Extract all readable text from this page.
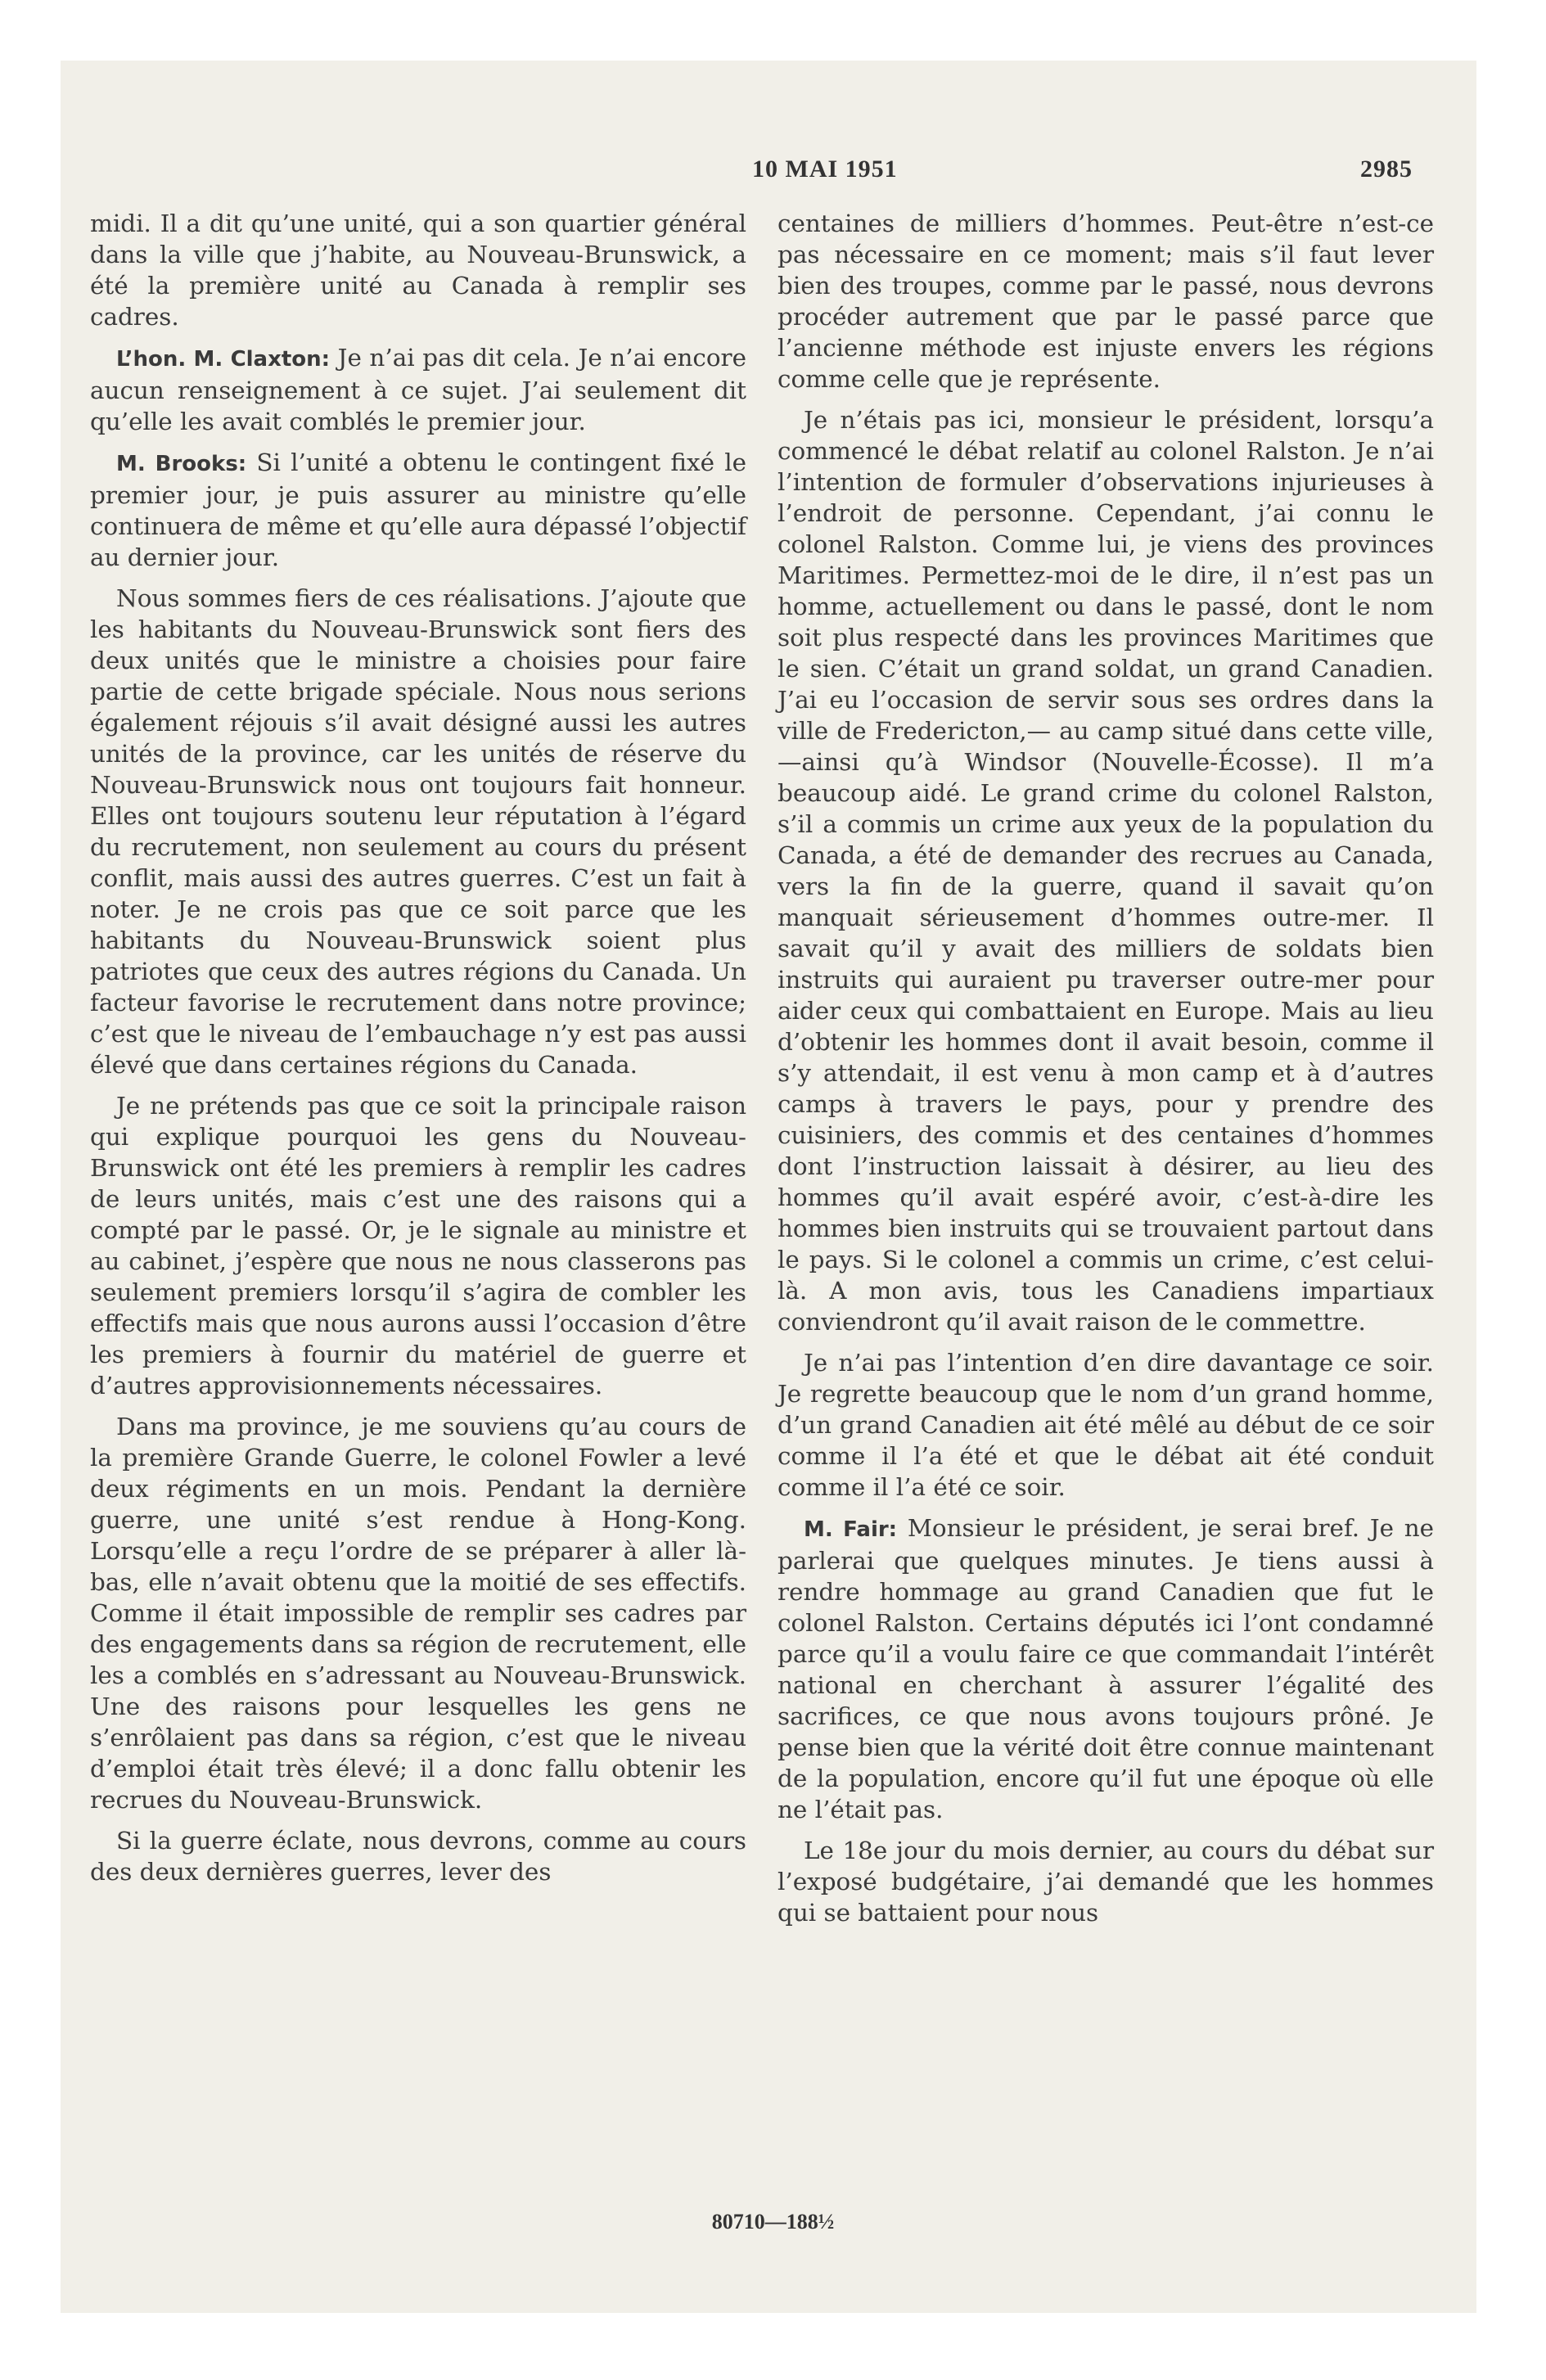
10 MAI 1951	2985

midi. Il a dit qu’une unité, qui a son quartier général dans la ville que j’habite, au Nouveau-Brunswick, a été la première unité au Canada à remplir ses cadres.

L’hon. M. Claxton: Je n’ai pas dit cela. Je n’ai encore aucun renseignement à ce sujet. J’ai seulement dit qu’elle les avait comblés le premier jour.

M. Brooks: Si l’unité a obtenu le contingent fixé le premier jour, je puis assurer au ministre qu’elle continuera de même et qu’elle aura dépassé l’objectif au dernier jour.

Nous sommes fiers de ces réalisations. J’ajoute que les habitants du Nouveau-Brunswick sont fiers des deux unités que le ministre a choisies pour faire partie de cette brigade spéciale. Nous nous serions également réjouis s’il avait désigné aussi les autres unités de la province, car les unités de réserve du Nouveau-Brunswick nous ont toujours fait honneur. Elles ont toujours soutenu leur réputation à l’égard du recrutement, non seulement au cours du présent conflit, mais aussi des autres guerres. C’est un fait à noter. Je ne crois pas que ce soit parce que les habitants du Nouveau-Brunswick soient plus patriotes que ceux des autres régions du Canada. Un facteur favorise le recrutement dans notre province; c’est que le niveau de l’embauchage n’y est pas aussi élevé que dans certaines régions du Canada.

Je ne prétends pas que ce soit la principale raison qui explique pourquoi les gens du Nouveau-Brunswick ont été les premiers à remplir les cadres de leurs unités, mais c’est une des raisons qui a compté par le passé. Or, je le signale au ministre et au cabinet, j’espère que nous ne nous classerons pas seulement premiers lorsqu’il s’agira de combler les effectifs mais que nous aurons aussi l’occasion d’être les premiers à fournir du matériel de guerre et d’autres approvisionnements nécessaires.

Dans ma province, je me souviens qu’au cours de la première Grande Guerre, le colonel Fowler a levé deux régiments en un mois. Pendant la dernière guerre, une unité s’est rendue à Hong-Kong. Lorsqu’elle a reçu l’ordre de se préparer à aller là-bas, elle n’avait obtenu que la moitié de ses effectifs. Comme il était impossible de remplir ses cadres par des engagements dans sa région de recrutement, elle les a comblés en s’adressant au Nouveau-Brunswick. Une des raisons pour lesquelles les gens ne s’enrôlaient pas dans sa région, c’est que le niveau d’emploi était très élevé; il a donc fallu obtenir les recrues du Nouveau-Brunswick.

Si la guerre éclate, nous devrons, comme au cours des deux dernières guerres, lever des

centaines de milliers d’hommes. Peut-être n’est-ce pas nécessaire en ce moment; mais s’il faut lever bien des troupes, comme par le passé, nous devrons procéder autrement que par le passé parce que l’ancienne méthode est injuste envers les régions comme celle que je représente.

Je n’étais pas ici, monsieur le président, lorsqu’a commencé le débat relatif au colonel Ralston. Je n’ai l’intention de formuler d’observations injurieuses à l’endroit de personne. Cependant, j’ai connu le colonel Ralston. Comme lui, je viens des provinces Maritimes. Permettez-moi de le dire, il n’est pas un homme, actuellement ou dans le passé, dont le nom soit plus respecté dans les provinces Maritimes que le sien. C’était un grand soldat, un grand Canadien. J’ai eu l’occasion de servir sous ses ordres dans la ville de Fredericton,— au camp situé dans cette ville,—ainsi qu’à Windsor (Nouvelle-Écosse). Il m’a beaucoup aidé. Le grand crime du colonel Ralston, s’il a commis un crime aux yeux de la population du Canada, a été de demander des recrues au Canada, vers la fin de la guerre, quand il savait qu’on manquait sérieusement d’hommes outre-mer. Il savait qu’il y avait des milliers de soldats bien instruits qui auraient pu traverser outre-mer pour aider ceux qui combattaient en Europe. Mais au lieu d’obtenir les hommes dont il avait besoin, comme il s’y attendait, il est venu à mon camp et à d’autres camps à travers le pays, pour y prendre des cuisiniers, des commis et des centaines d’hommes dont l’instruction laissait à désirer, au lieu des hommes qu’il avait espéré avoir, c’est-à-dire les hommes bien instruits qui se trouvaient partout dans le pays. Si le colonel a commis un crime, c’est celui-là. A mon avis, tous les Canadiens impartiaux conviendront qu’il avait raison de le commettre.

Je n’ai pas l’intention d’en dire davantage ce soir. Je regrette beaucoup que le nom d’un grand homme, d’un grand Canadien ait été mêlé au début de ce soir comme il l’a été et que le débat ait été conduit comme il l’a été ce soir.

M. Fair: Monsieur le président, je serai bref. Je ne parlerai que quelques minutes. Je tiens aussi à rendre hommage au grand Canadien que fut le colonel Ralston. Certains députés ici l’ont condamné parce qu’il a voulu faire ce que commandait l’intérêt national en cherchant à assurer l’égalité des sacrifices, ce que nous avons toujours prôné. Je pense bien que la vérité doit être connue maintenant de la population, encore qu’il fut une époque où elle ne l’était pas.

Le 18e jour du mois dernier, au cours du débat sur l’exposé budgétaire, j’ai demandé que les hommes qui se battaient pour nous

80710—188½
